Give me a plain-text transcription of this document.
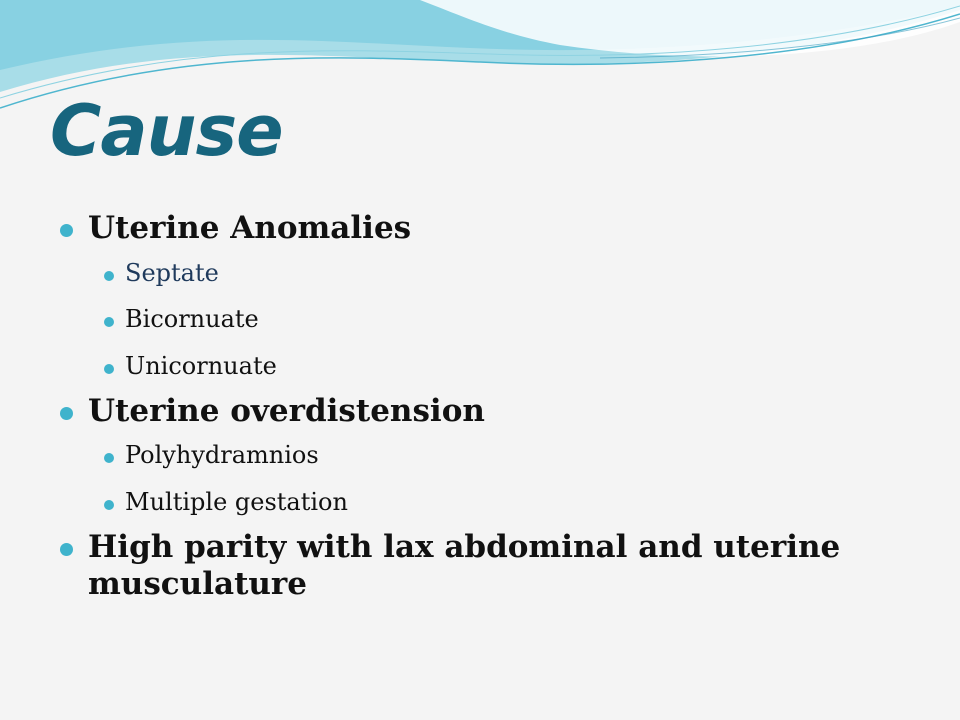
Cause
Uterine Anomalies
Septate
Bicornuate
Unicornuate
Uterine overdistension
Polyhydramnios
Multiple gestation
High parity with lax abdominal and uterine musculature
